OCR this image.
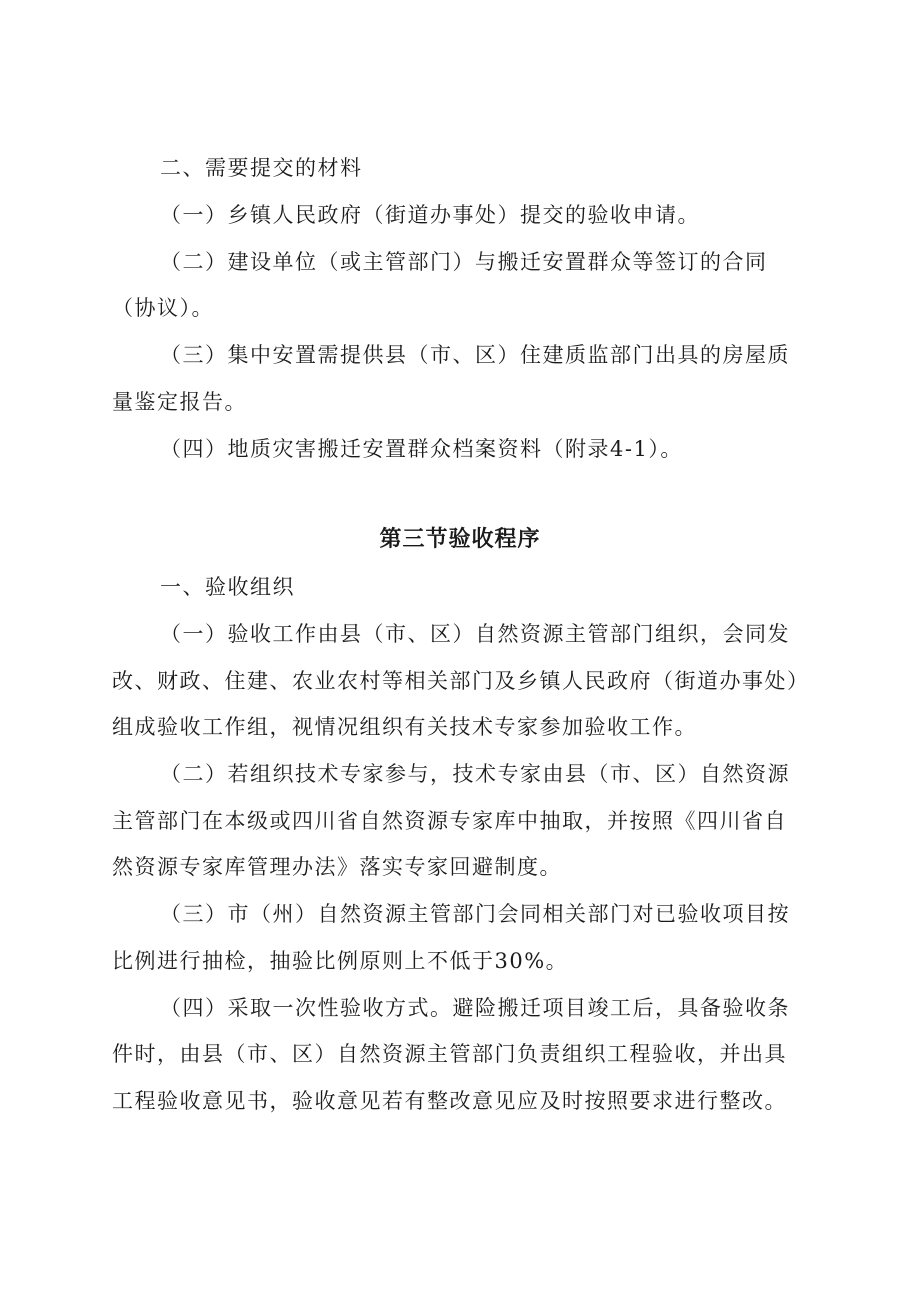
二、需要提交的材料
（一）乡镇人民政府（街道办事处）提交的验收申请。
（二）建设单位（或主管部门）与搬迁安置群众等签订的合同
（协议）。
（三）集中安置需提供县（市、区）住建质监部门出具的房屋质
量鉴定报告。
（四）地质灾害搬迁安置群众档案资料（附录4-1）。
第三节验收程序
一、验收组织
（一）验收工作由县（市、区）自然资源主管部门组织，会同发
改、财政、住建、农业农村等相关部门及乡镇人民政府（街道办事处）
组成验收工作组，视情况组织有关技术专家参加验收工作。
（二）若组织技术专家参与，技术专家由县（市、区）自然资源
主管部门在本级或四川省自然资源专家库中抽取，并按照《四川省自
然资源专家库管理办法》落实专家回避制度。
（三）市（州）自然资源主管部门会同相关部门对已验收项目按
比例进行抽检，抽验比例原则上不低于30%。
（四）采取一次性验收方式。避险搬迁项目竣工后，具备验收条
件时，由县（市、区）自然资源主管部门负责组织工程验收，并出具
工程验收意见书，验收意见若有整改意见应及时按照要求进行整改。
